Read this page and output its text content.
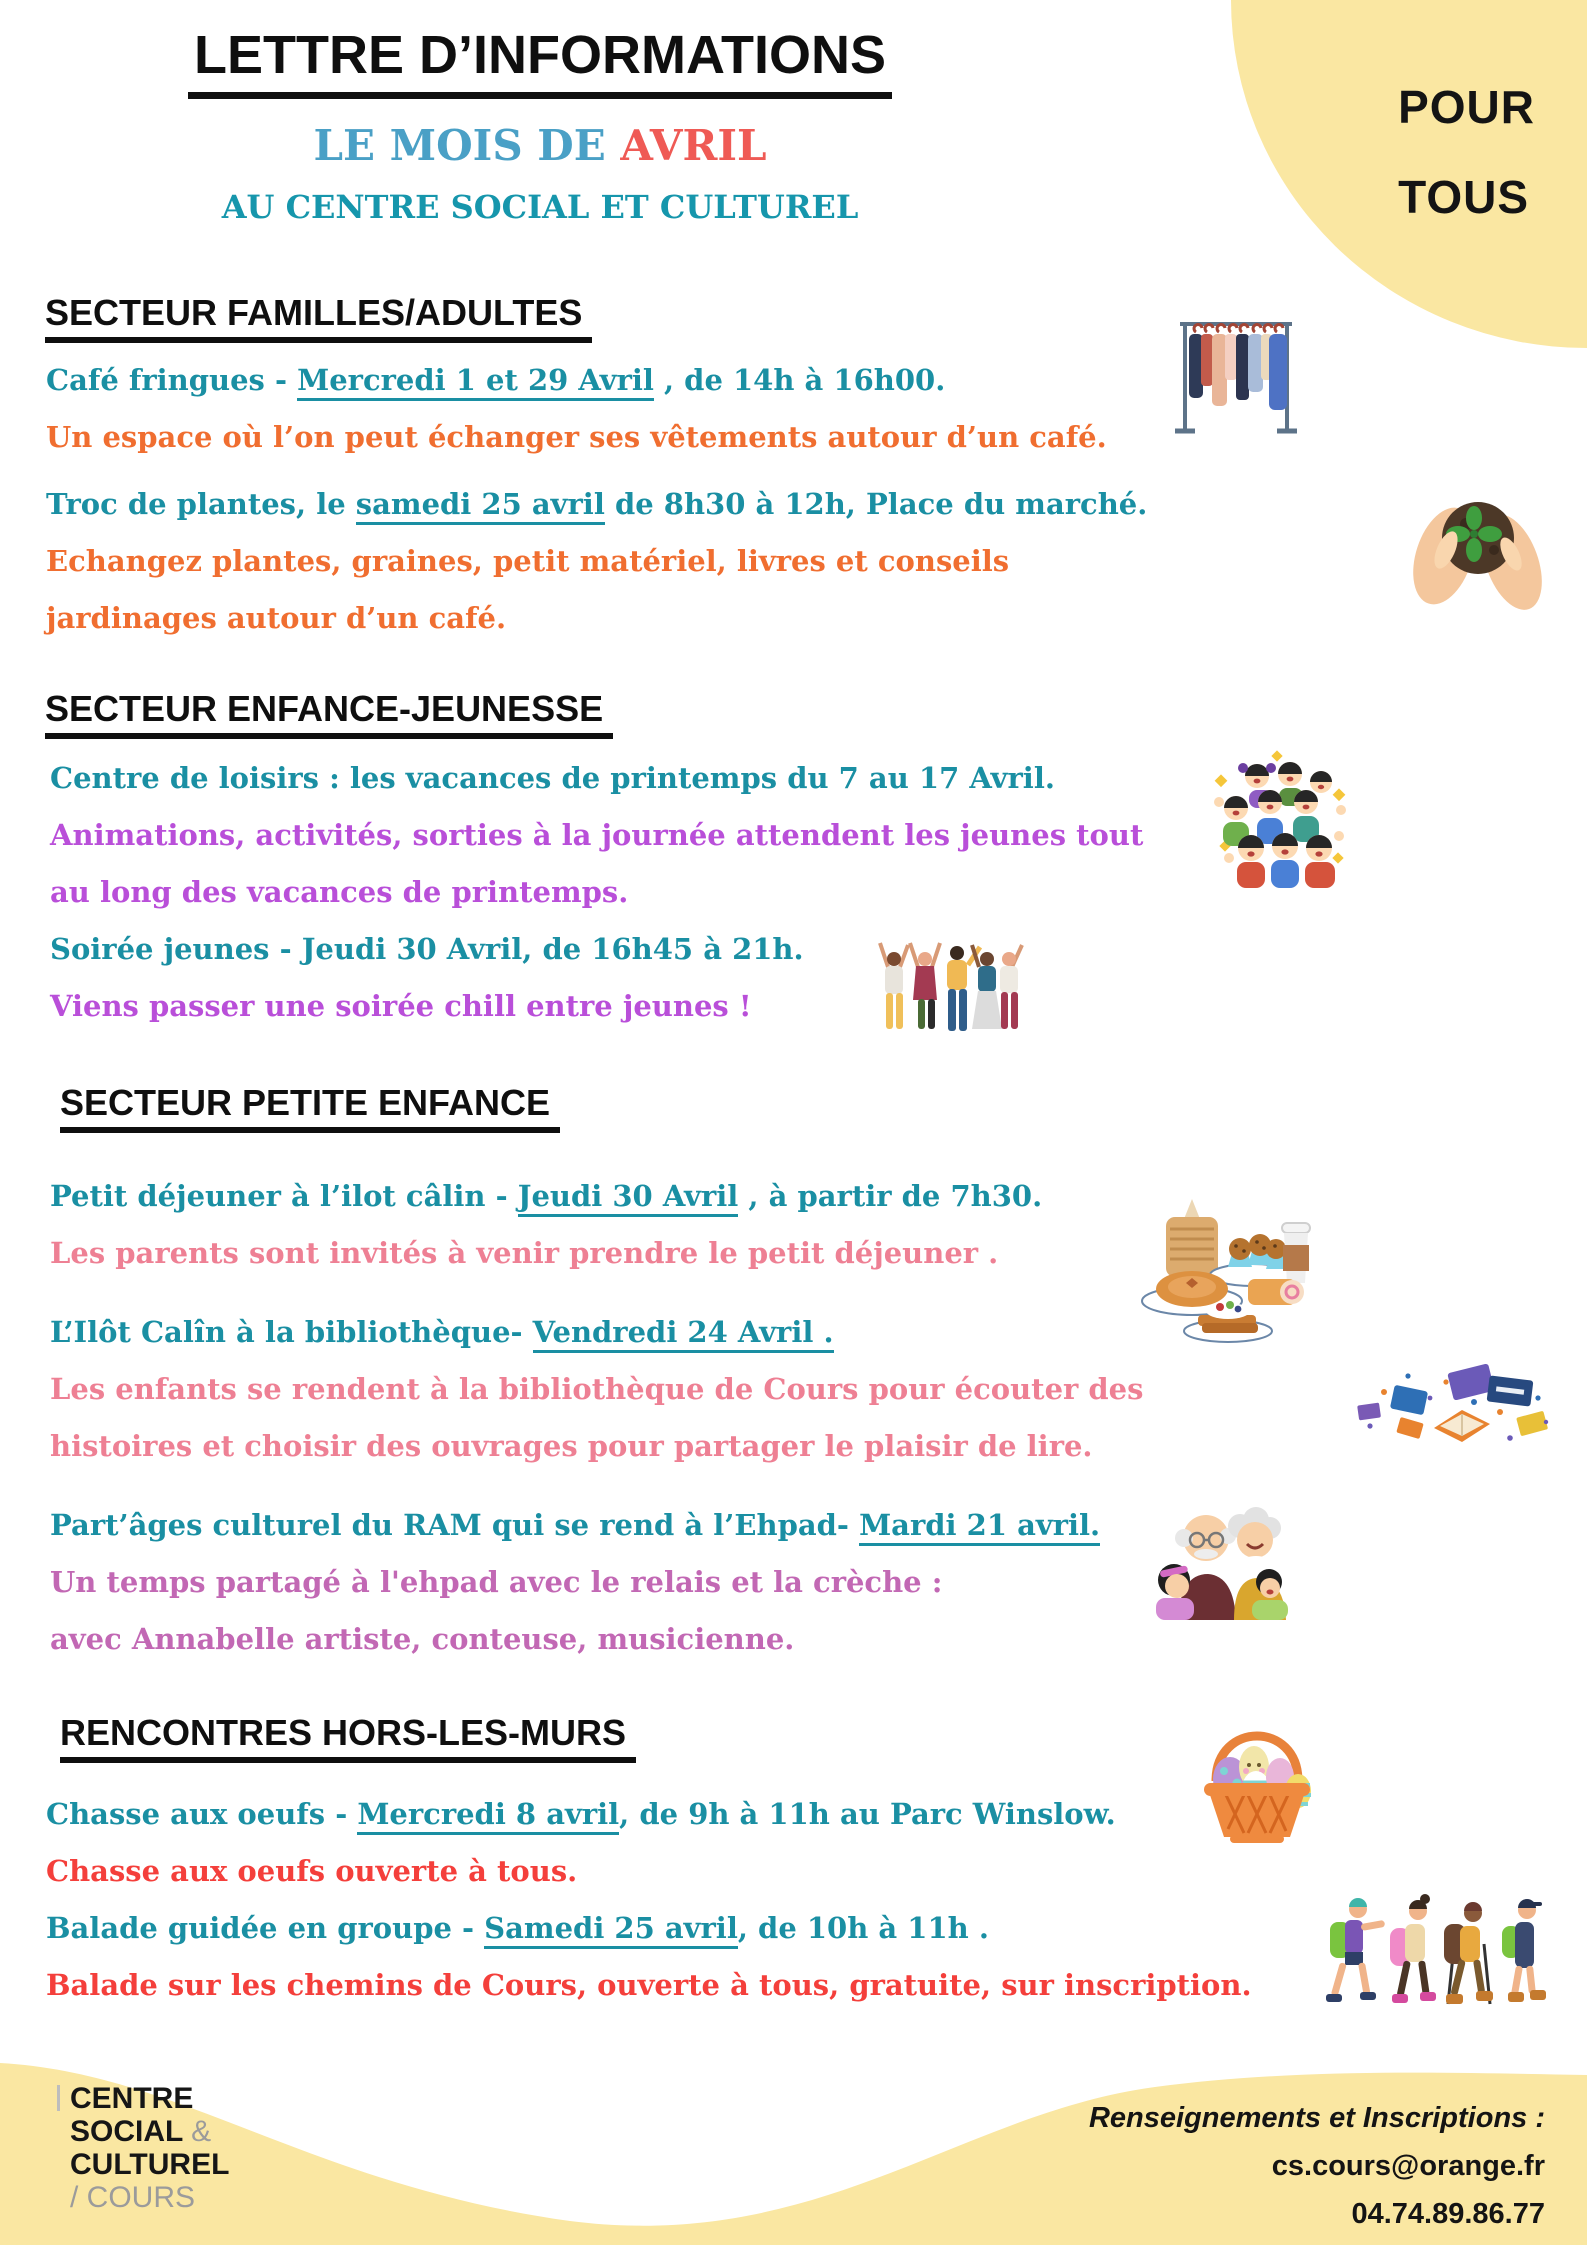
POUR
TOUS
LETTRE D’INFORMATIONS
LE MOIS DE AVRIL
AU CENTRE SOCIAL ET CULTUREL
SECTEUR FAMILLES/ADULTES
Café fringues - Mercredi 1 et 29 Avril , de 14h à 16h00.
Un espace où l’on peut échanger ses vêtements autour d’un café.
Troc de plantes, le samedi 25 avril de 8h30 à 12h, Place du marché.
Echangez plantes, graines, petit matériel, livres et conseils jardinages autour d’un café.
SECTEUR ENFANCE-JEUNESSE
Centre de loisirs : les vacances de printemps du 7 au 17 Avril.
Animations, activités, sorties à la journée attendent les jeunes tout au long des vacances de printemps.
Soirée jeunes - Jeudi 30 Avril, de 16h45 à 21h.
Viens passer une soirée chill entre jeunes !
SECTEUR PETITE ENFANCE
Petit déjeuner à l’ilot câlin - Jeudi 30 Avril , à partir de 7h30.
Les parents sont invités à venir prendre le petit déjeuner .
L’Ilôt Calîn à la bibliothèque- Vendredi 24 Avril .
Les enfants se rendent à la bibliothèque de Cours pour écouter des histoires et choisir des ouvrages pour partager le plaisir de lire.
Part’âges culturel du RAM qui se rend à l’Ehpad- Mardi 21 avril.
Un temps partagé à l'ehpad avec le relais et la crèche :
avec Annabelle artiste, conteuse, musicienne.
RENCONTRES HORS-LES-MURS
Chasse aux oeufs - Mercredi 8 avril, de 9h à 11h au Parc Winslow.
Chasse aux oeufs ouverte à tous.
Balade guidée en groupe - Samedi 25 avril, de 10h à 11h .
Balade sur les chemins de Cours, ouverte à tous, gratuite, sur inscription.
CENTRE
SOCIAL &
CULTUREL
/ COURS
Renseignements et Inscriptions :
cs.cours@orange.fr
04.74.89.86.77
